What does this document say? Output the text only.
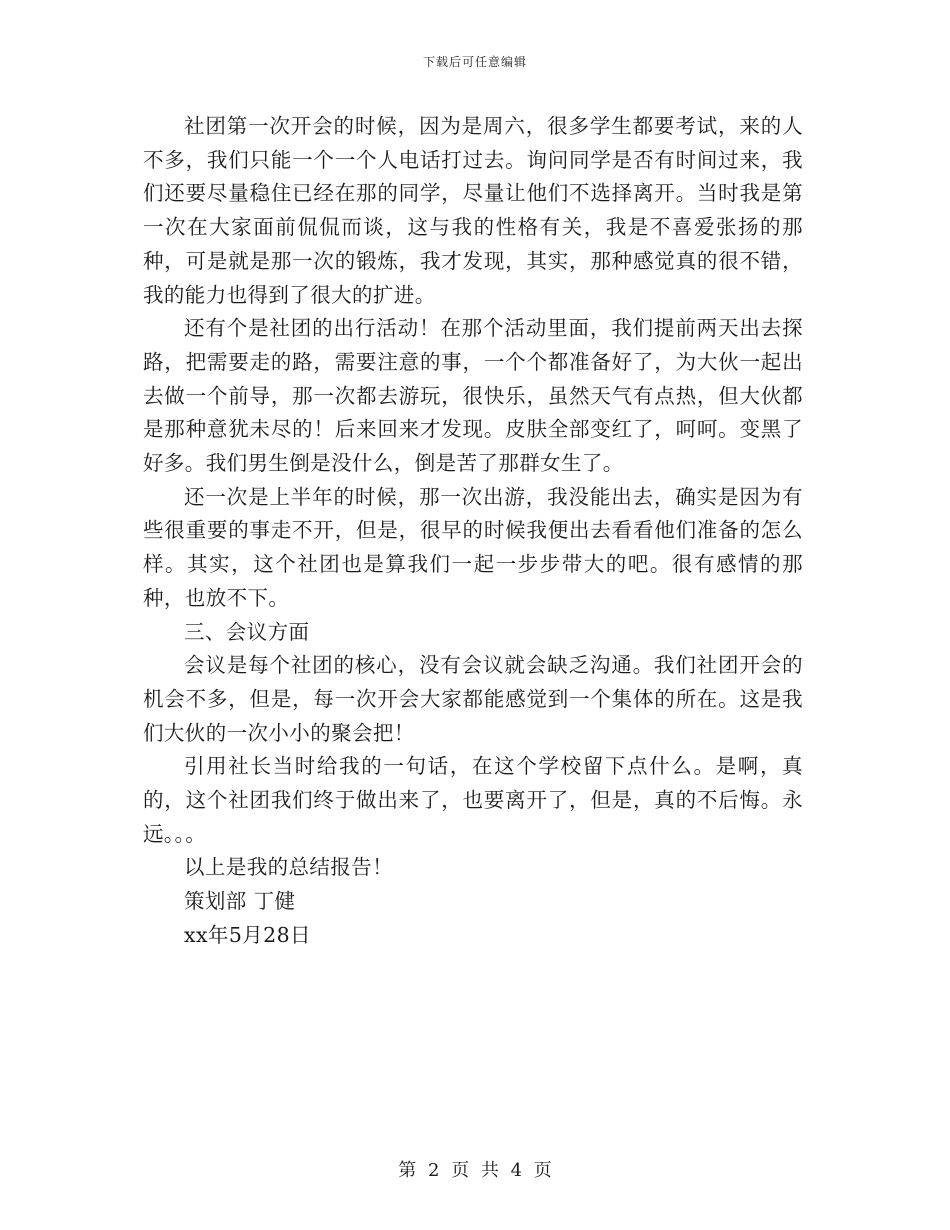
下载后可任意编辑

社团第一次开会的时候，因为是周六，很多学生都要考试，来的人不多，我们只能一个一个人电话打过去。询问同学是否有时间过来，我们还要尽量稳住已经在那的同学，尽量让他们不选择离开。当时我是第一次在大家面前侃侃而谈，这与我的性格有关，我是不喜爱张扬的那种，可是就是那一次的锻炼，我才发现，其实，那种感觉真的很不错，我的能力也得到了很大的扩进。

还有个是社团的出行活动！在那个活动里面，我们提前两天出去探路，把需要走的路，需要注意的事，一个个都准备好了，为大伙一起出去做一个前导，那一次都去游玩，很快乐，虽然天气有点热，但大伙都是那种意犹未尽的！后来回来才发现。皮肤全部变红了，呵呵。变黑了好多。我们男生倒是没什么，倒是苦了那群女生了。

还一次是上半年的时候，那一次出游，我没能出去，确实是因为有些很重要的事走不开，但是，很早的时候我便出去看看他们准备的怎么样。其实，这个社团也是算我们一起一步步带大的吧。很有感情的那种，也放不下。

三、会议方面

会议是每个社团的核心，没有会议就会缺乏沟通。我们社团开会的机会不多，但是，每一次开会大家都能感觉到一个集体的所在。这是我们大伙的一次小小的聚会把！

引用社长当时给我的一句话，在这个学校留下点什么。是啊，真的，这个社团我们终于做出来了，也要离开了，但是，真的不后悔。永远。。。

以上是我的总结报告！

策划部 丁健

xx年5月28日

第 2 页 共 4 页
